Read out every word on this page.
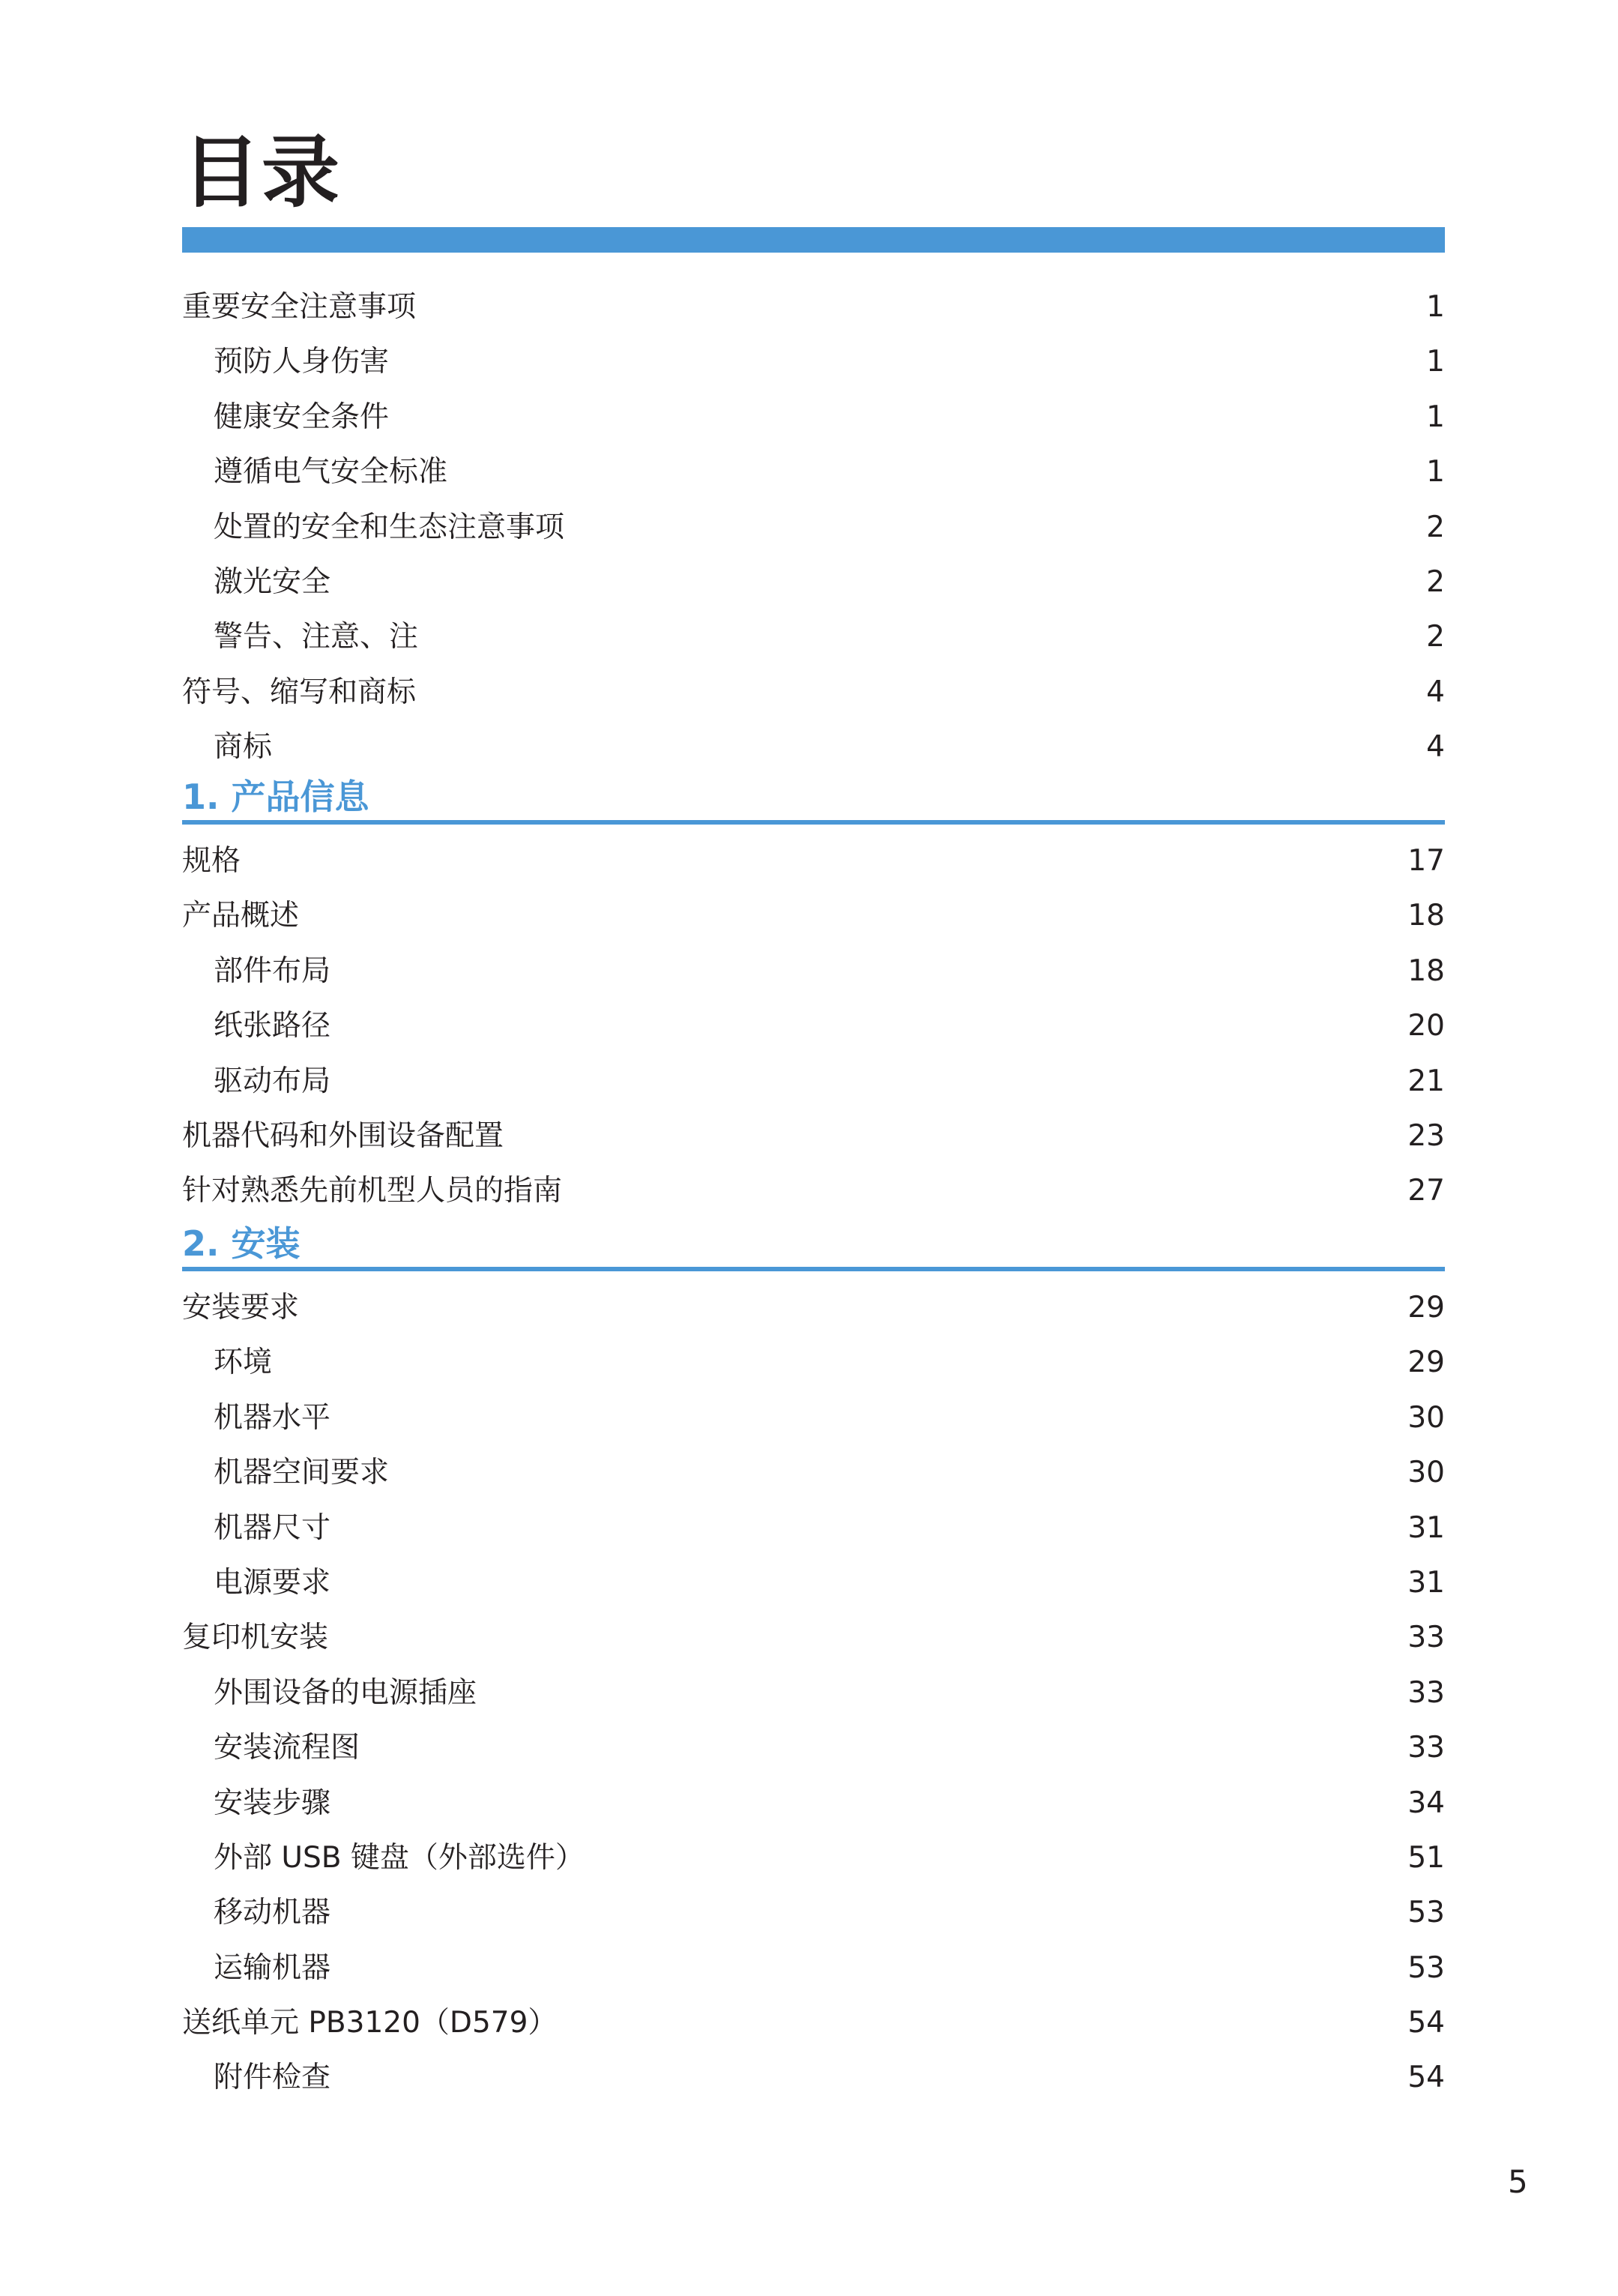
目录
重要安全注意事项	1
预防人身伤害	1
健康安全条件	1
遵循电气安全标准	1
处置的安全和生态注意事项	2
激光安全	2
警告、注意、注	2
符号、缩写和商标	4
商标	4
1. 产品信息
规格	17
产品概述	18
部件布局	18
纸张路径	20
驱动布局	21
机器代码和外围设备配置	23
针对熟悉先前机型人员的指南	27
2. 安装
安装要求	29
环境	29
机器水平	30
机器空间要求	30
机器尺寸	31
电源要求	31
复印机安装	33
外围设备的电源插座	33
安装流程图	33
安装步骤	34
外部 USB 键盘（外部选件）	51
移动机器	53
运输机器	53
送纸单元 PB3120（D579）	54
附件检查	54
5
